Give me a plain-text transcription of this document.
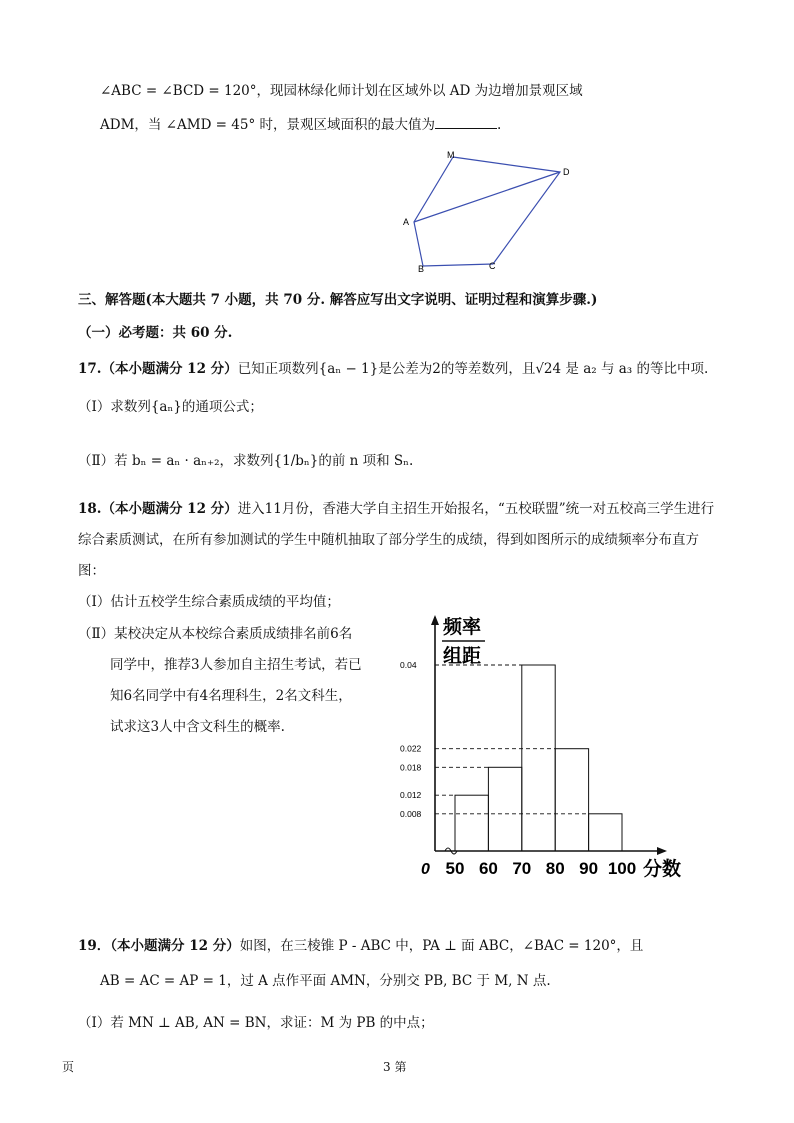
∠ABC = ∠BCD = 120°，现园林绿化师计划在区域外以 AD 为边增加景观区域
ADM，当 ∠AMD = 45° 时，景观区域面积的最大值为	.
M
D
A
B	C
三、解答题(本大题共 7 小题，共 70 分. 解答应写出文字说明、证明过程和演算步骤.)
（一）必考题：共 60 分.
17.（本小题满分 12 分）已知正项数列{aₙ − 1}是公差为2的等差数列，且√24 是 a₂ 与 a₃ 的等比中项.
（Ⅰ）求数列{aₙ}的通项公式；
（Ⅱ）若 bₙ = aₙ · aₙ₊₂，求数列{1/bₙ}的前 n 项和 Sₙ.
18.（本小题满分 12 分）进入11月份，香港大学自主招生开始报名，“五校联盟”统一对五校高三学生进行
综合素质测试，在所有参加测试的学生中随机抽取了部分学生的成绩，得到如图所示的成绩频率分布直方
图：
（Ⅰ）估计五校学生综合素质成绩的平均值；
（Ⅱ）某校决定从本校综合素质成绩排名前6名
同学中，推荐3人参加自主招生考试，若已
知6名同学中有4名理科生，2名文科生，
试求这3人中含文科生的概率.
0.04
0.022
0.018
0.012
0.008
50 60 70 80 90 100
0	分数
频率
组距
19．（本小题满分 12 分）如图，在三棱锥 P - ABC 中，PA ⊥ 面 ABC，∠BAC = 120°，且
AB = AC = AP = 1，过 A 点作平面 AMN，分别交 PB, BC 于 M, N 点.
（Ⅰ）若 MN ⊥ AB, AN = BN，求证：M 为 PB 的中点；
页	3 第
